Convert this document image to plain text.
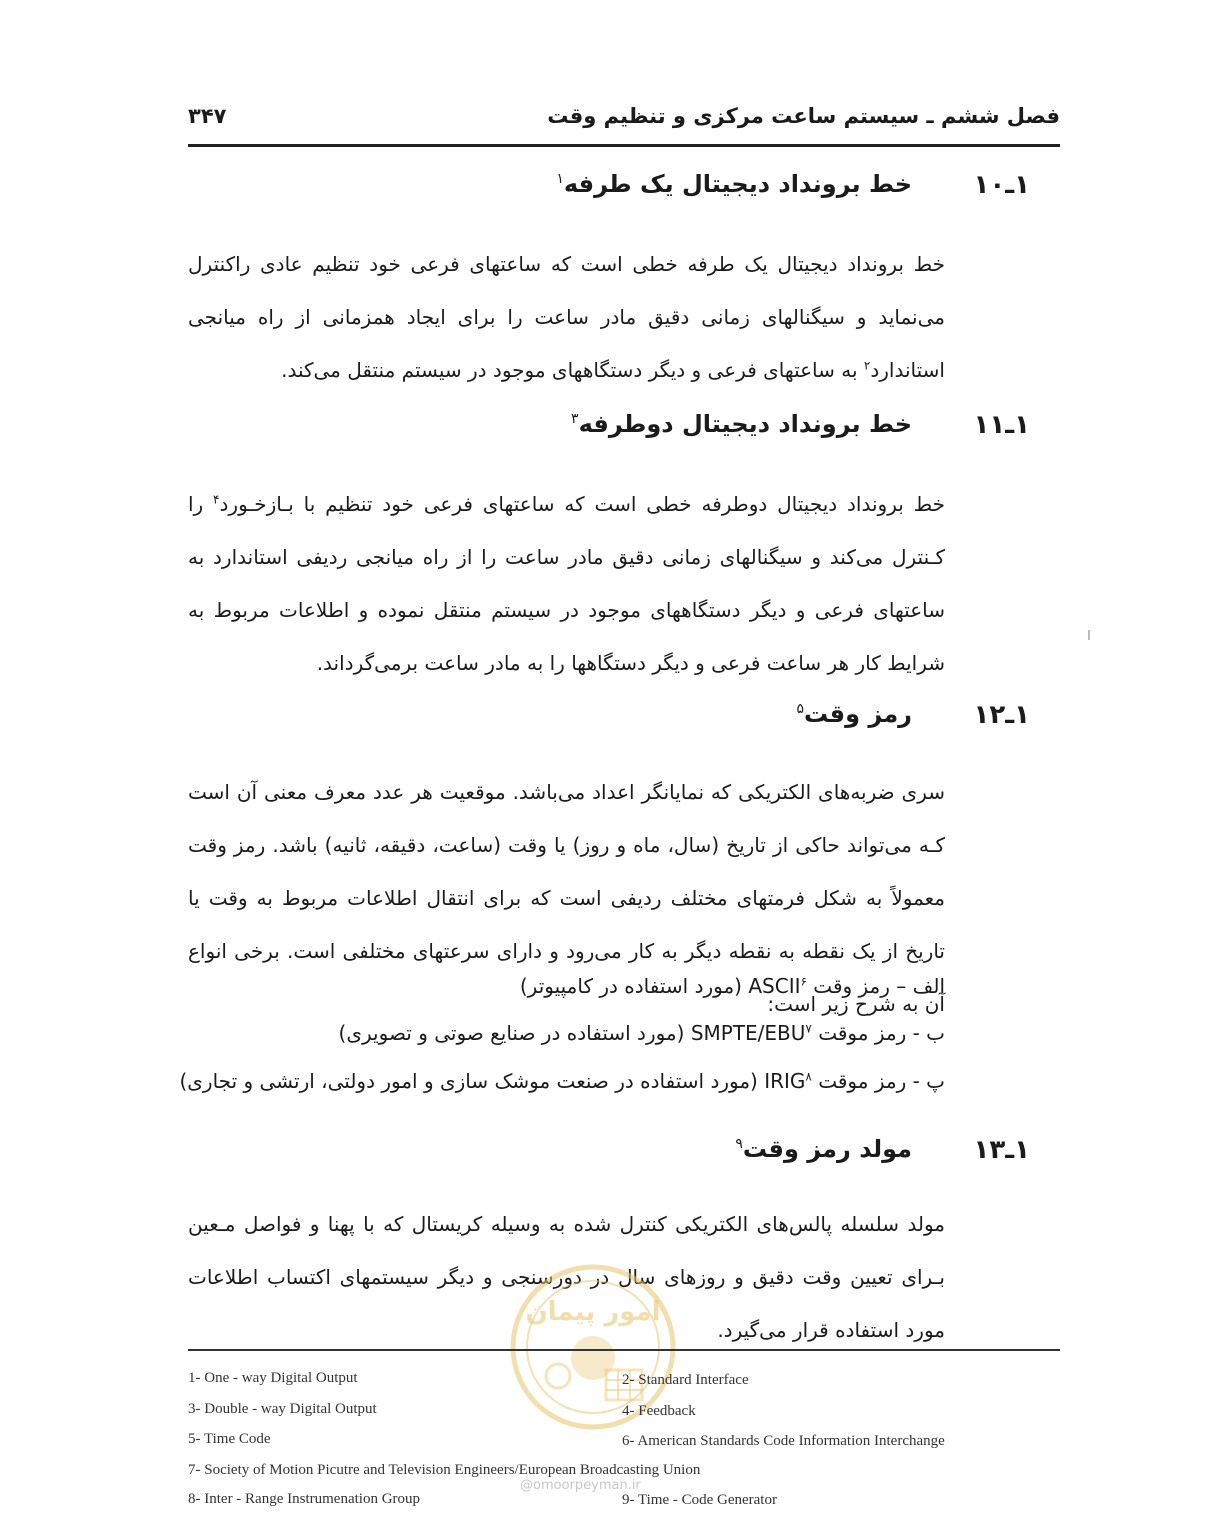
۳۴۷	فصل ششم ـ سیستم ساعت مرکزی و تنظیم وقت
۱ـ۱۰
خط برونداد دیجیتال یک طرفه$^۱$
خط برونداد دیجیتال یک طرفه خطی است که ساعتهای فرعی خود تنظیم عادی راکنترل می‌نماید و سیگنالهای زمانی دقیق مادر ساعت را برای ایجاد همزمانی از راه میانجی استاندارد$^۲$ به ساعتهای فرعی و دیگر دستگاههای موجود در سیستم منتقل می‌کند.
۱ـ۱۱
خط برونداد دیجیتال دوطرفه$^۳$
خط برونداد دیجیتال دوطرفه خطی است که ساعتهای فرعی خود تنظیم با بـازخـورد$^۴$ را کـنترل می‌کند و سیگنالهای زمانی دقیق مادر ساعت را از راه میانجی ردیفی استاندارد به ساعتهای فرعی و دیگر دستگاههای موجود در سیستم منتقل نموده و اطلاعات مربوط به شرایط کار هر ساعت فرعی و دیگر دستگاهها را به مادر ساعت برمی‌گرداند.
۱ـ۱۲
رمز وقت$^۵$
سری ضربه‌های الکتریکی که نمایانگر اعداد می‌باشد. موقعیت هر عدد معرف معنی آن است کـه می‌تواند حاکی از تاریخ (سال، ماه و روز) یا وقت (ساعت، دقیقه، ثانیه) باشد. رمز وقت معمولاً به شکل فرمتهای مختلف ردیفی است که برای انتقال اطلاعات مربوط به وقت یا تاریخ از یک نقطه به نقطه دیگر به کار می‌رود و دارای سرعتهای مختلفی است. برخی انواع آن به شرح زیر است:
الف – رمز وقت ASCII$^۶$ (مورد استفاده در کامپیوتر)
ب - رمز موقت SMPTE/EBU$^۷$ (مورد استفاده در صنایع صوتی و تصویری)
پ - رمز موقت IRIG$^۸$ (مورد استفاده در صنعت موشک سازی و امور دولتی، ارتشی و تجاری)
۱ـ۱۳
مولد رمز وقت$^۹$
مولد سلسله پالس‌های الکتریکی کنترل شده به وسیله کریستال که با پهنا و فواصل مـعین بـرای تعیین وقت دقیق و روزهای سال در دورسنجی و دیگر سیستمهای اکتساب اطلاعات مورد استفاده قرار می‌گیرد.
امور پیمان
@omoorpeyman.ir
1- One - way Digital Output	2- Standard Interface
3- Double - way Digital Output	4- Feedback
5- Time Code	6- American Standards Code Information Interchange
7- Society of Motion Picutre and Television Engineers/European Broadcasting Union
8- Inter - Range Instrumenation Group	9- Time - Code Generator
